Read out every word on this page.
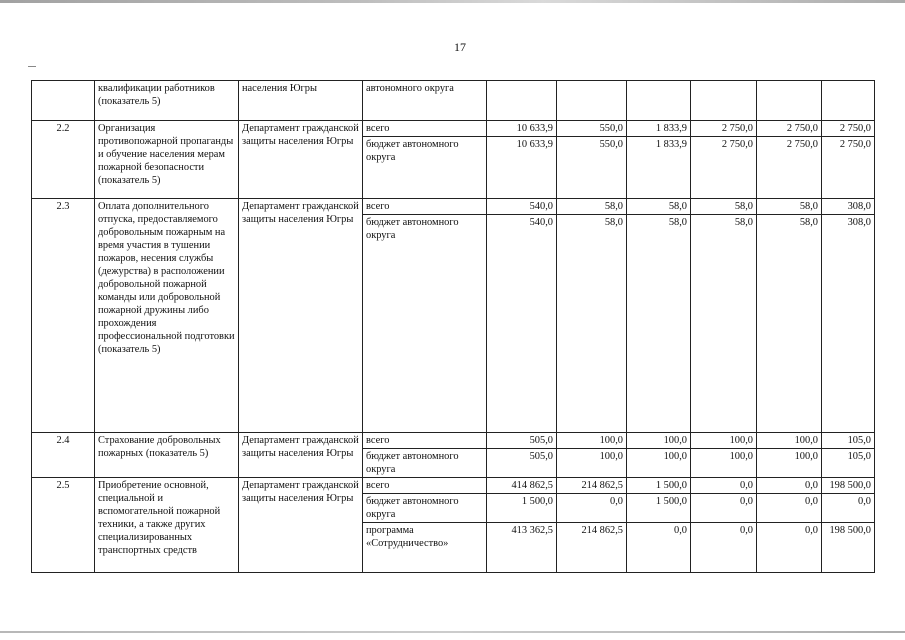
17
	квалификации работников (показатель 5)	населения Югры	автономного округа						
2.2	Организация противопожарной пропаганды и обучение населения мерам пожарной безопасности (показатель 5)	Департамент гражданской защиты населения Югры	всего	10 633,9	550,0	1 833,9	2 750,0	2 750,0	2 750,0
			бюджет автономного округа	10 633,9	550,0	1 833,9	2 750,0	2 750,0	2 750,0
2.3	Оплата дополнительного отпуска, предоставляемого добровольным пожарным на время участия в тушении пожаров, несения службы (дежурства) в расположении добровольной пожарной команды или добровольной пожарной дружины либо прохождения профессиональной подготовки (показатель 5)	Департамент гражданской защиты населения Югры	всего	540,0	58,0	58,0	58,0	58,0	308,0
			бюджет автономного округа	540,0	58,0	58,0	58,0	58,0	308,0
2.4	Страхование добровольных пожарных (показатель 5)	Департамент гражданской защиты населения Югры	всего	505,0	100,0	100,0	100,0	100,0	105,0
			бюджет автономного округа	505,0	100,0	100,0	100,0	100,0	105,0
2.5	Приобретение основной, специальной и вспомогательной пожарной техники, а также других специализированных транспортных средств	Департамент гражданской защиты населения Югры	всего	414 862,5	214 862,5	1 500,0	0,0	0,0	198 500,0
			бюджет автономного округа	1 500,0	0,0	1 500,0	0,0	0,0	0,0
			программа «Сотрудничество»	413 362,5	214 862,5	0,0	0,0	0,0	198 500,0
